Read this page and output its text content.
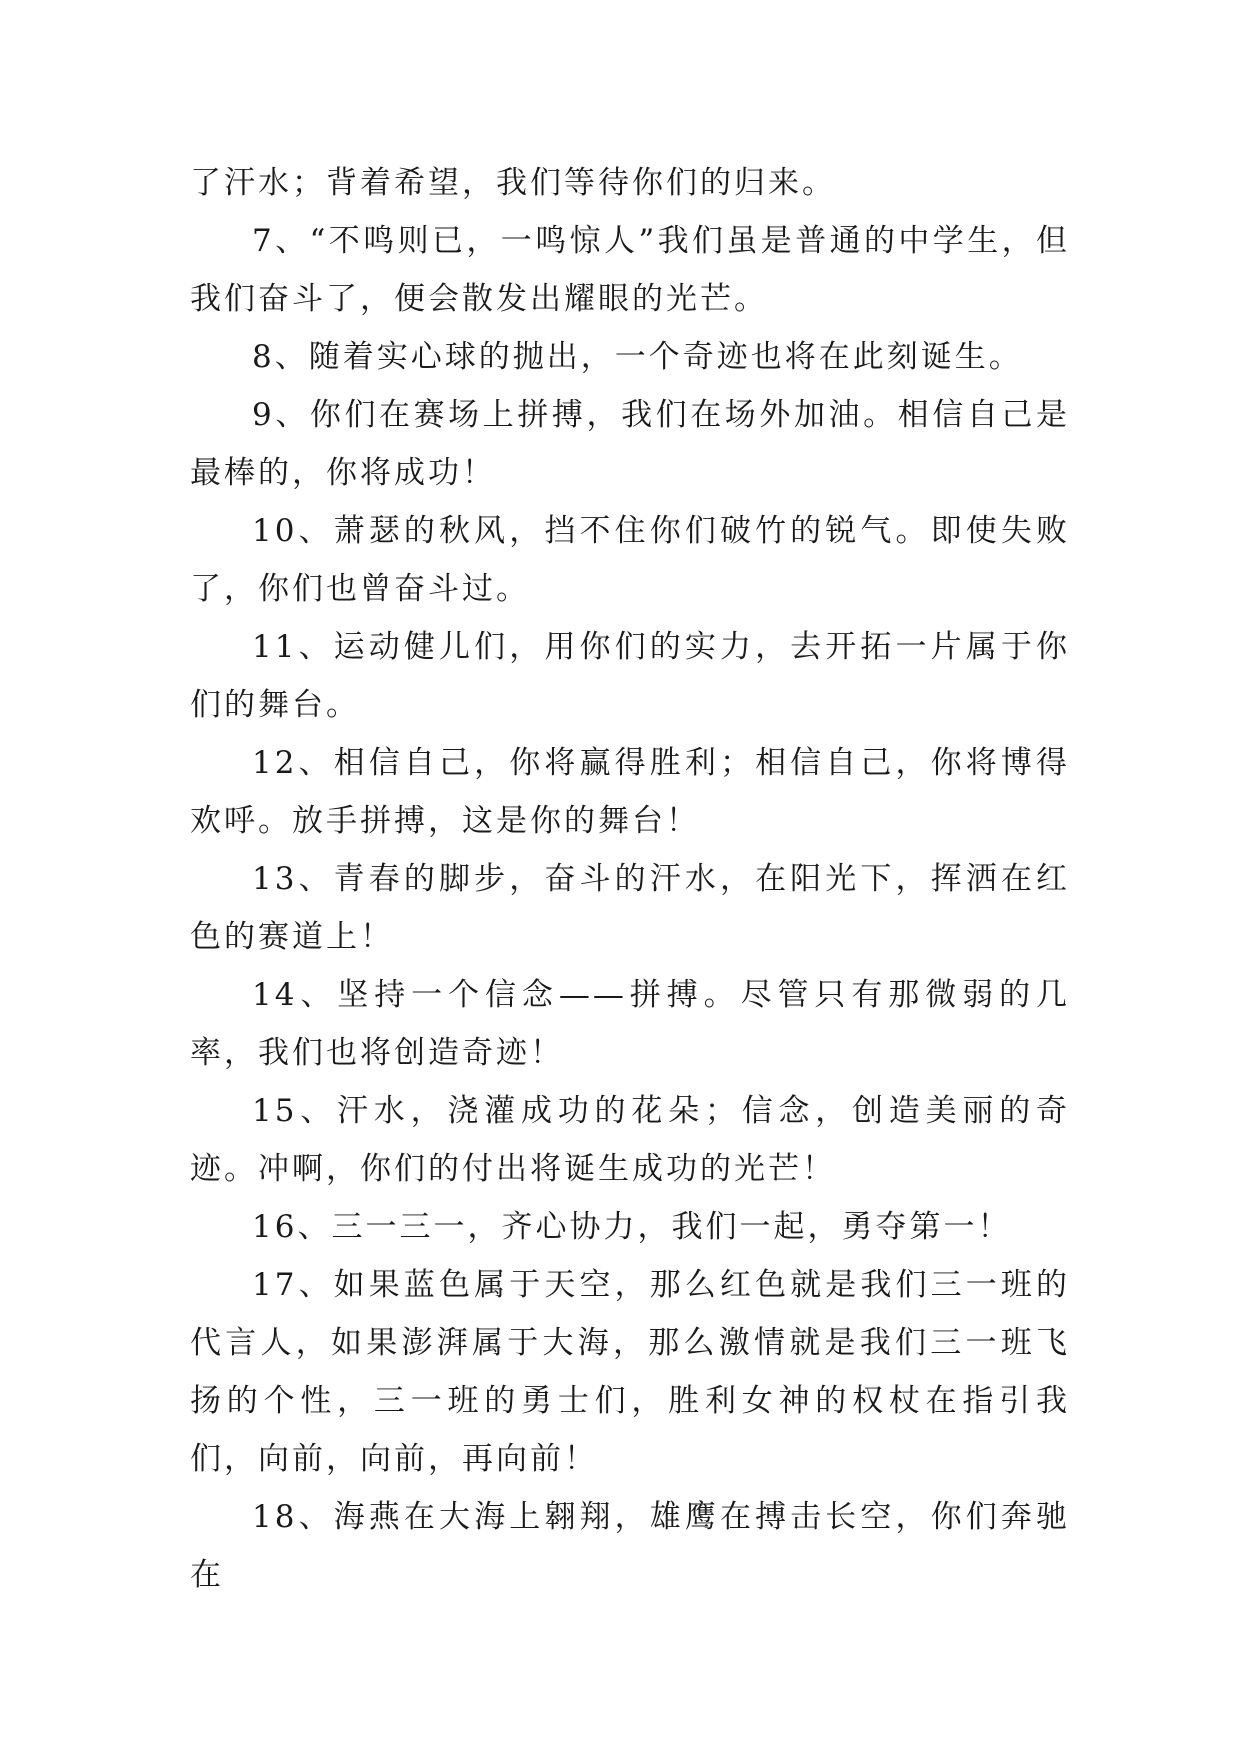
了汗水；背着希望，我们等待你们的归来。

7、“不鸣则已，一鸣惊人”我们虽是普通的中学生，但我们奋斗了，便会散发出耀眼的光芒。

8、随着实心球的抛出，一个奇迹也将在此刻诞生。

9、你们在赛场上拼搏，我们在场外加油。相信自己是最棒的，你将成功！

10、萧瑟的秋风，挡不住你们破竹的锐气。即使失败了，你们也曾奋斗过。

11、运动健儿们，用你们的实力，去开拓一片属于你们的舞台。

12、相信自己，你将赢得胜利；相信自己，你将博得欢呼。放手拼搏，这是你的舞台！

13、青春的脚步，奋斗的汗水，在阳光下，挥洒在红色的赛道上！

14、坚持一个信念——拼搏。尽管只有那微弱的几率，我们也将创造奇迹！

15、汗水，浇灌成功的花朵；信念，创造美丽的奇迹。冲啊，你们的付出将诞生成功的光芒！

16、三一三一，齐心协力，我们一起，勇夺第一！

17、如果蓝色属于天空，那么红色就是我们三一班的代言人，如果澎湃属于大海，那么激情就是我们三一班飞扬的个性，三一班的勇士们，胜利女神的权杖在指引我们，向前，向前，再向前！

18、海燕在大海上翱翔，雄鹰在搏击长空，你们奔驰在
